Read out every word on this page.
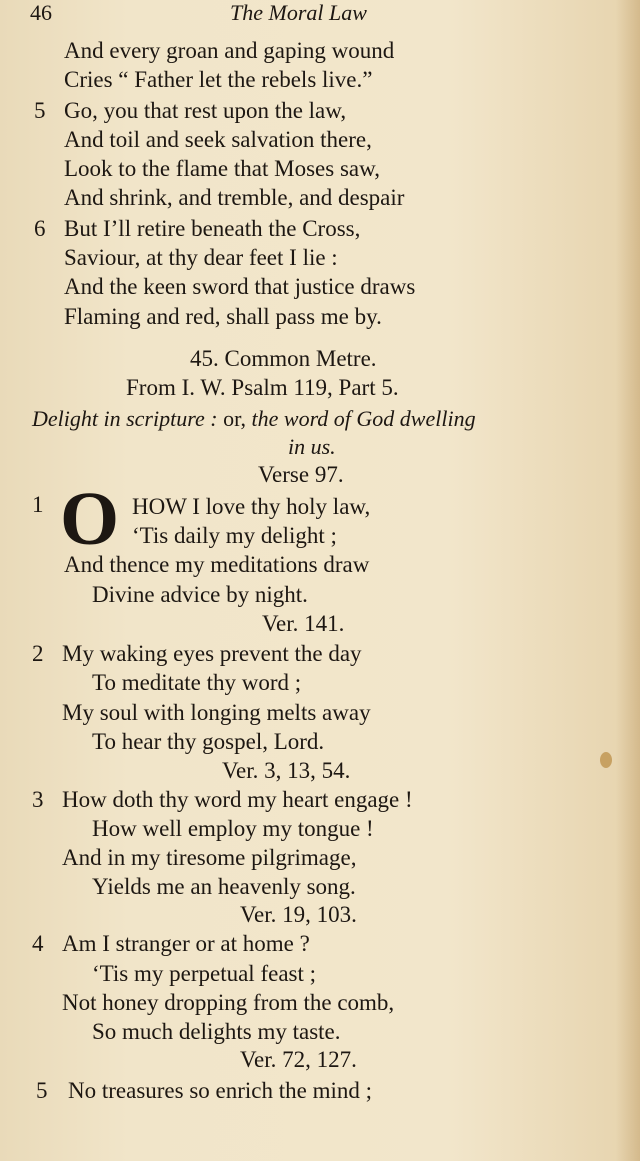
46	The Moral Law
And every groan and gaping wound
Cries “ Father let the rebels live.”
5 Go, you that rest upon the law,
And toil and seek salvation there,
Look to the flame that Moses saw,
And shrink, and tremble, and despair
6 But I’ll retire beneath the Cross,
Saviour, at thy dear feet I lie :
And the keen sword that justice draws
Flaming and red, shall pass me by.
45. Common Metre.
From I. W. Psalm 119, Part 5.
Delight in scripture : or, the word of God dwelling
in us.
Verse 97.
1 O HOW I love thy holy law,
‘Tis daily my delight ;
And thence my meditations draw
Divine advice by night.
Ver. 141.
2 My waking eyes prevent the day
To meditate thy word ;
My soul with longing melts away
To hear thy gospel, Lord.
Ver. 3, 13, 54.
3 How doth thy word my heart engage !
How well employ my tongue !
And in my tiresome pilgrimage,
Yields me an heavenly song.
Ver. 19, 103.
4 Am I stranger or at home ?
‘Tis my perpetual feast ;
Not honey dropping from the comb,
So much delights my taste.
Ver. 72, 127.
5 No treasures so enrich the mind ;
